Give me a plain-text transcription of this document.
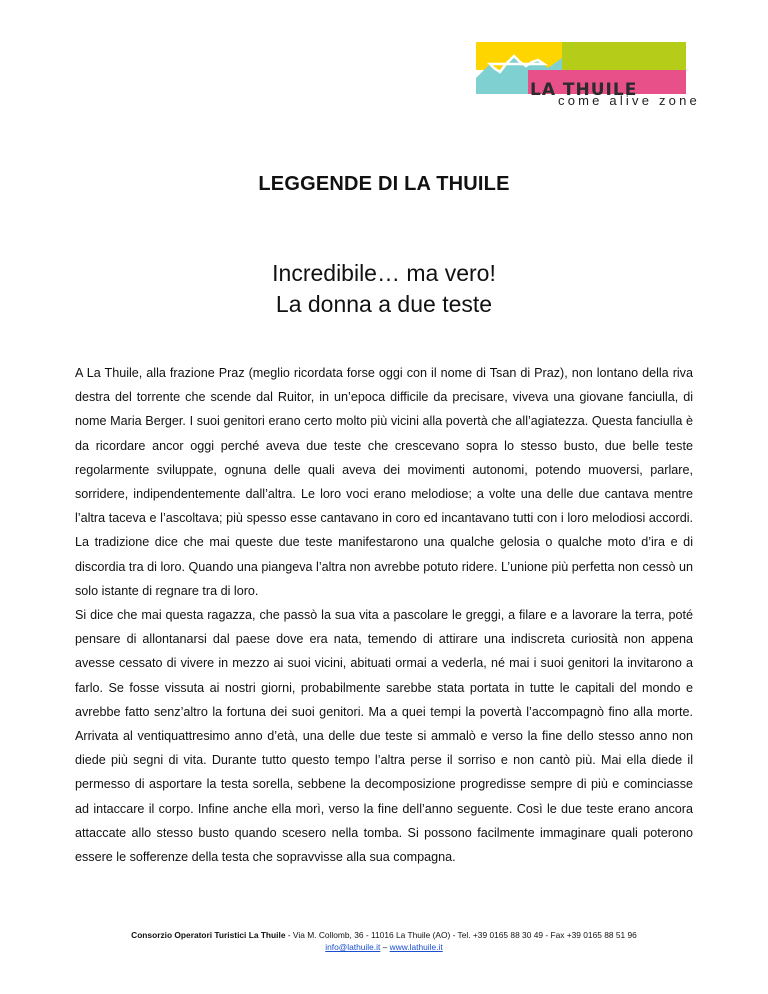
LA THUILE
come alive zone
LEGGENDE DI LA THUILE
Incredibile… ma vero!
La donna a due teste

A La Thuile, alla frazione Praz (meglio ricordata forse oggi con il nome di Tsan di Praz), non lontano della riva destra del torrente che scende dal Ruitor, in un’epoca difficile da precisare, viveva una giovane fanciulla, di nome Maria Berger. I suoi genitori erano certo molto più vicini alla povertà che all’agiatezza. Questa fanciulla è da ricordare ancor oggi perché aveva due teste che crescevano sopra lo stesso busto, due belle teste regolarmente sviluppate, ognuna delle quali aveva dei movimenti autonomi, potendo muoversi, parlare, sorridere, indipendentemente dall’altra. Le loro voci erano melodiose; a volte una delle due cantava mentre l’altra taceva e l’ascoltava; più spesso esse cantavano in coro ed incantavano tutti con i loro melodiosi accordi. La tradizione dice che mai queste due teste manifestarono una qualche gelosia o qualche moto d’ira e di discordia tra di loro. Quando una piangeva l’altra non avrebbe potuto ridere. L’unione più perfetta non cessò un solo istante di regnare tra di loro.

Si dice che mai questa ragazza, che passò la sua vita a pascolare le greggi, a filare e a lavorare la terra, poté pensare di allontanarsi dal paese dove era nata, temendo di attirare una indiscreta curiosità non appena avesse cessato di vivere in mezzo ai suoi vicini, abituati ormai a vederla, né mai i suoi genitori la invitarono a farlo. Se fosse vissuta ai nostri giorni, probabilmente sarebbe stata portata in tutte le capitali del mondo e avrebbe fatto senz’altro la fortuna dei suoi genitori. Ma a quei tempi la povertà l’accompagnò fino alla morte. Arrivata al ventiquattresimo anno d’età, una delle due teste si ammalò e verso la fine dello stesso anno non diede più segni di vita. Durante tutto questo tempo l’altra perse il sorriso e non cantò più. Mai ella diede il permesso di asportare la testa sorella, sebbene la decomposizione progredisse sempre di più e cominciasse ad intaccare il corpo. Infine anche ella morì, verso la fine dell’anno seguente. Così le due teste erano ancora attaccate allo stesso busto quando scesero nella tomba. Si possono facilmente immaginare quali poterono essere le sofferenze della testa che sopravvisse alla sua compagna.

Consorzio Operatori Turistici La Thuile - Via M. Collomb, 36 - 11016 La Thuile (AO) - Tel. +39 0165 88 30 49 - Fax +39 0165 88 51 96
info@lathuile.it – www.lathuile.it
